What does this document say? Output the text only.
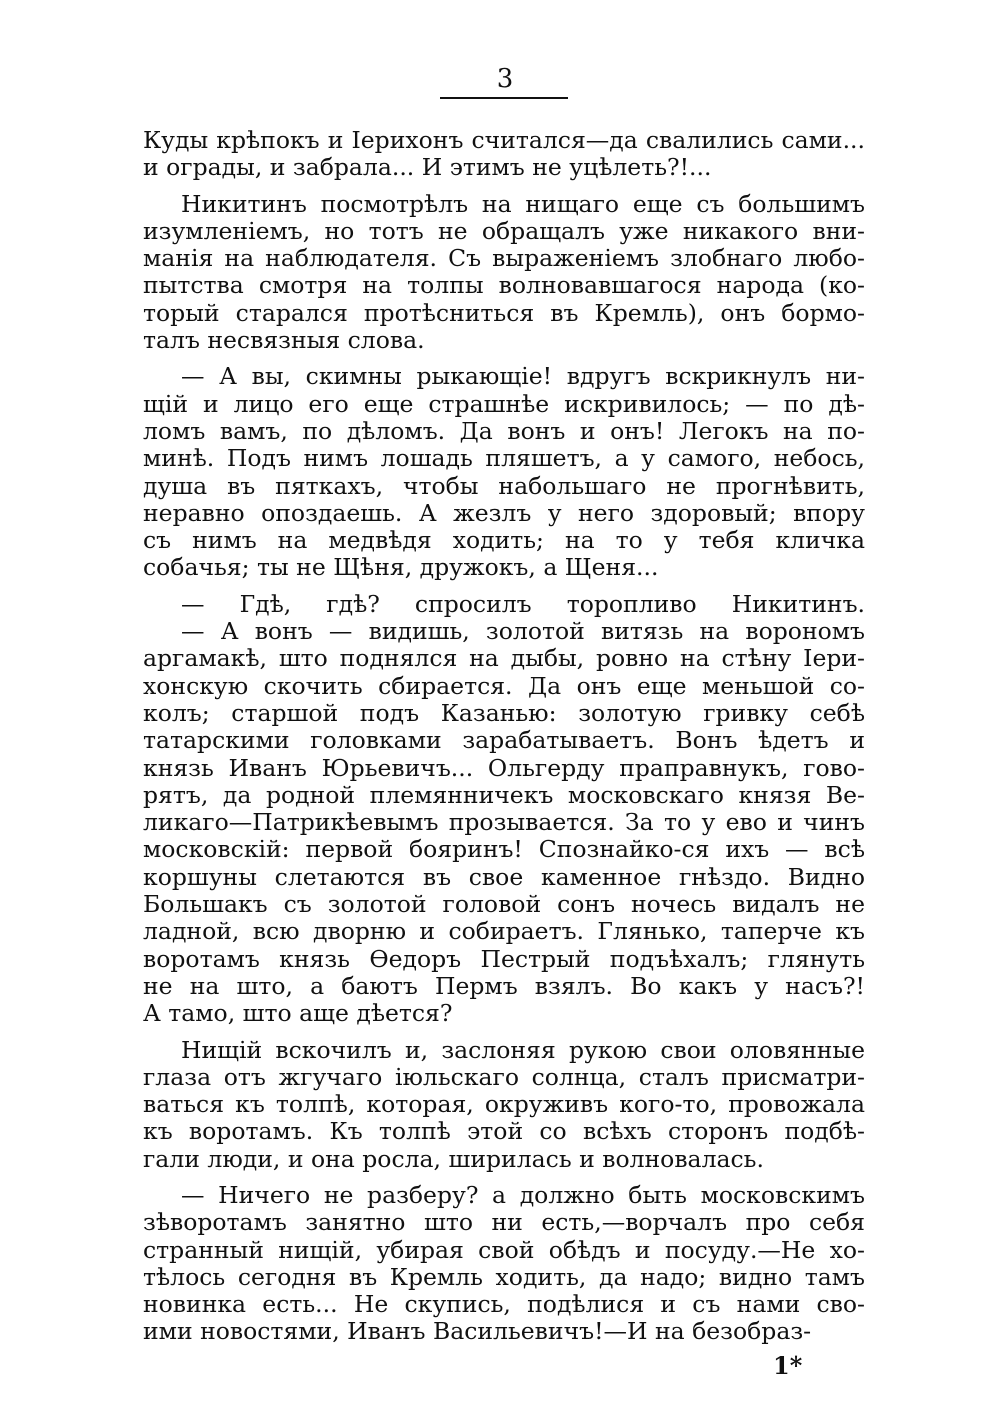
3
Куды крѣпокъ и Іерихонъ считался—да свалились сами...
и ограды, и забрала... И этимъ не уцѣлеть?!...
Никитинъ посмотрѣлъ на нищаго еще съ большимъ
изумленіемъ, но тотъ не обращалъ уже никакого вни-
манія на наблюдателя. Съ выраженіемъ злобнаго любо-
пытства смотря на толпы волновавшагося народа (ко-
торый старался протѣсниться въ Кремль), онъ бормо-
талъ несвязныя слова.
— А вы, скимны рыкающіе! вдругъ вскрикнулъ ни-
щій и лицо его еще страшнѣе искривилось; — по дѣ-
ломъ вамъ, по дѣломъ. Да вонъ и онъ! Легокъ на по-
минѣ. Подъ нимъ лошадь пляшетъ, а у самого, небось,
душа въ пяткахъ, чтобы набольшаго не прогнѣвить,
неравно опоздаешь. А жезлъ у него здоровый; впору
съ нимъ на медвѣдя ходить; на то у тебя кличка
собачья; ты не Щѣня, дружокъ, а Щеня...
— Гдѣ, гдѣ? спросилъ торопливо Никитинъ.
— А вонъ — видишь, золотой витязь на ворономъ
аргамакѣ, што поднялся на дыбы, ровно на стѣну Іери-
хонскую скочить сбирается. Да онъ еще меньшой со-
колъ; старшой подъ Казанью: золотую гривку себѣ
татарскими головками зарабатываетъ. Вонъ ѣдетъ и
князь Иванъ Юрьевичъ... Ольгерду праправнукъ, гово-
рятъ, да родной племянничекъ московскаго князя Ве-
ликаго—Патрикѣевымъ прозывается. За то у ево и чинъ
московскій: первой бояринъ! Спознайко-ся ихъ — всѣ
коршуны слетаются въ свое каменное гнѣздо. Видно
Большакъ съ золотой головой сонъ ночесь видалъ не
ладной, всю дворню и собираетъ. Глянько, таперче къ
воротамъ князь Ѳедоръ Пестрый подъѣхалъ; глянуть
не на што, а баютъ Пермъ взялъ. Во какъ у насъ?!
А тамо, што аще дѣется?
Нищій вскочилъ и, заслоняя рукою свои оловянные
глаза отъ жгучаго іюльскаго солнца, сталъ присматри-
ваться къ толпѣ, которая, окруживъ кого-то, провожала
къ воротамъ. Къ толпѣ этой со всѣхъ сторонъ подбѣ-
гали люди, и она росла, ширилась и волновалась.
— Ничего не разберу? а должно быть московскимъ
зѣворотамъ занятно што ни есть,—ворчалъ про себя
странный нищій, убирая свой обѣдъ и посуду.—Не хо-
тѣлось сегодня въ Кремль ходить, да надо; видно тамъ
новинка есть... Не скупись, подѣлися и съ нами сво-
ими новостями, Иванъ Васильевичъ!—И на безобраз-
1*
